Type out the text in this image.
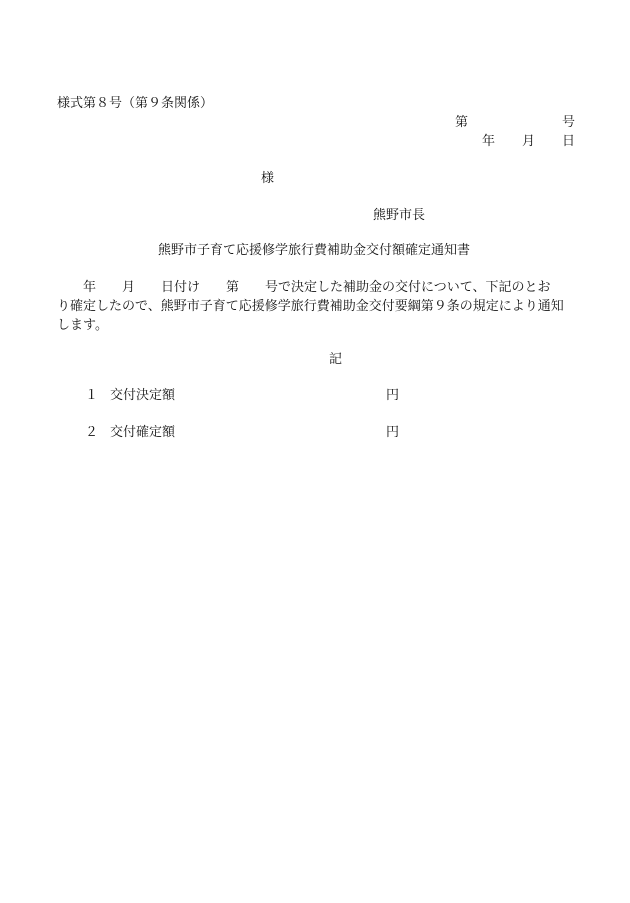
様式第８号（第９条関係）
第	号
年 月 日
様
熊野市長
熊野市子育て応援修学旅行費補助金交付額確定通知書
　　年　　月　　日付け　　第　　号で決定した補助金の交付について、下記のとお
り確定したので、熊野市子育て応援修学旅行費補助金交付要綱第９条の規定により通知
します。
記
１ 交付決定額	円
２ 交付確定額	円
